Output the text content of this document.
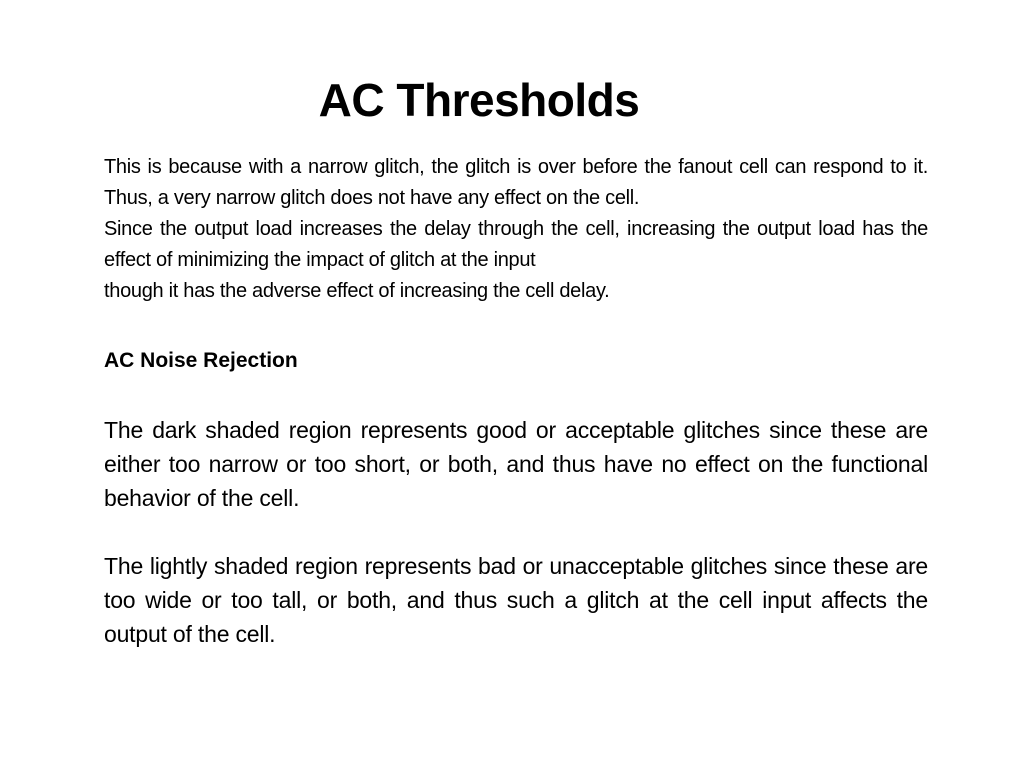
AC Thresholds

This is because with a narrow glitch, the glitch is over before the fanout cell can respond to it. Thus, a very narrow glitch does not have any effect on the cell.

Since the output load increases the delay through the cell, increasing the output load has the effect of minimizing the impact of glitch at the input

though it has the adverse effect of increasing the cell delay.

AC Noise Rejection

The dark shaded region represents good or acceptable glitches since these are either too narrow or too short, or both, and thus have no effect on the functional behavior of the cell.

The lightly shaded region represents bad or unacceptable glitches since these are too wide or too tall, or both, and thus such a glitch at the cell input affects the output of the cell.
